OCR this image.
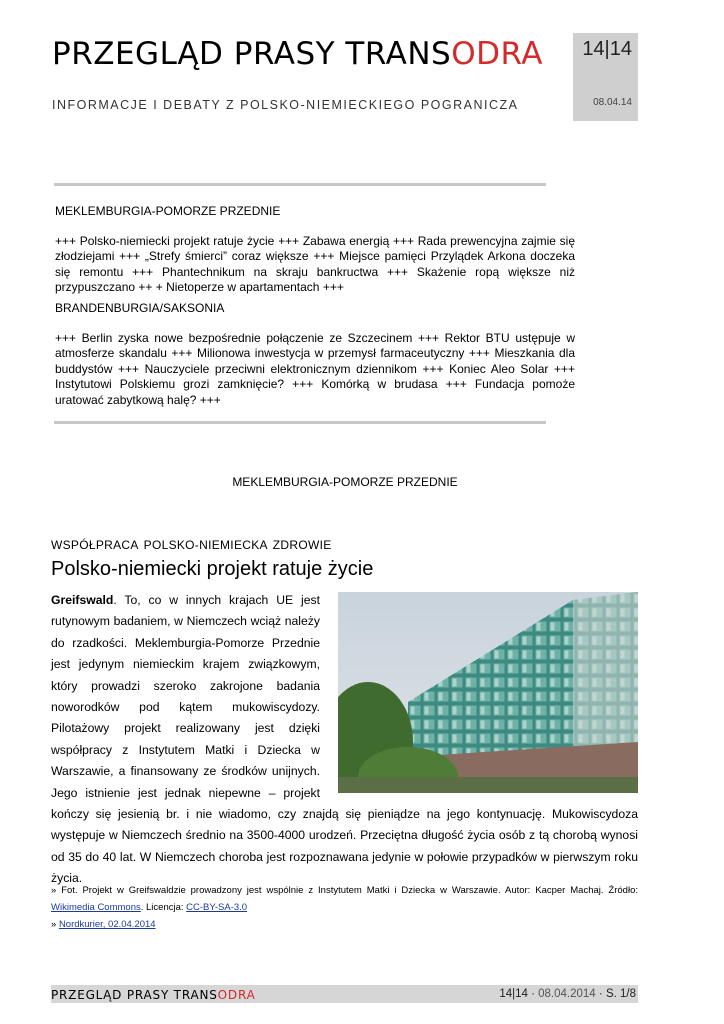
PRZEGLĄD PRASY TRANSODRA
INFORMACJE I DEBATY Z POLSKO-NIEMIECKIEGO POGRANICZA
14|14
08.04.14
MEKLEMBURGIA-POMORZE PRZEDNIE

+++ Polsko-niemiecki projekt ratuje życie +++ Zabawa energią +++ Rada prewencyjna zajmie się złodziejami +++ „Strefy śmierci” coraz większe +++ Miejsce pamięci Przylądek Arkona doczeka się remontu +++ Phantechnikum na skraju bankructwa +++ Skażenie ropą większe niż przypuszczano ++ + Nietoperze w apartamentach +++

BRANDENBURGIA/SAKSONIA

+++ Berlin zyska nowe bezpośrednie połączenie ze Szczecinem +++ Rektor BTU ustępuje w atmosferze skandalu +++ Milionowa inwestycja w przemysł farmaceutyczny +++ Mieszkania dla buddystów +++ Nauczyciele przeciwni elektronicznym dziennikom +++ Koniec Aleo Solar +++ Instytutowi Polskiemu grozi zamknięcie? +++ Komórką w brudasa +++ Fundacja pomoże uratować zabytkową halę? +++

MEKLEMBURGIA-POMORZE PRZEDNIE
WSPÓŁPRACA POLSKO-NIEMIECKA ZDROWIE
Polsko-niemiecki projekt ratuje życie

Greifswald. To, co w innych krajach UE jest rutynowym badaniem, w Niemczech wciąż należy do rzadkości. Meklemburgia-Pomorze Przednie jest jedynym niemieckim krajem związkowym, który prowadzi szeroko zakrojone badania noworodków pod kątem mukowiscydozy. Pilotażowy projekt realizowany jest dzięki współpracy z Instytutem Matki i Dziecka w Warszawie, a finansowany ze środków unijnych. Jego istnienie jest jednak niepewne – projekt kończy się jesienią br. i nie wiadomo, czy znajdą się pieniądze na jego kontynuację. Mukowiscydoza występuje w Niemczech średnio na 3500-4000 urodzeń. Przeciętna długość życia osób z tą chorobą wynosi od 35 do 40 lat. W Niemczech choroba jest rozpoznawana jedynie w połowie przypadków w pierwszym roku życia.

» Fot. Projekt w Greifswaldzie prowadzony jest wspólnie z Instytutem Matki i Dziecka w Warszawie. Autor: Kacper Machaj. Źródło: Wikimedia Commons. Licencja: CC-BY-SA-3.0
» Nordkurier, 02.04.2014
PRZEGLĄD PRASY TRANSODRA	14|14 · 08.04.2014 · S. 1/8
